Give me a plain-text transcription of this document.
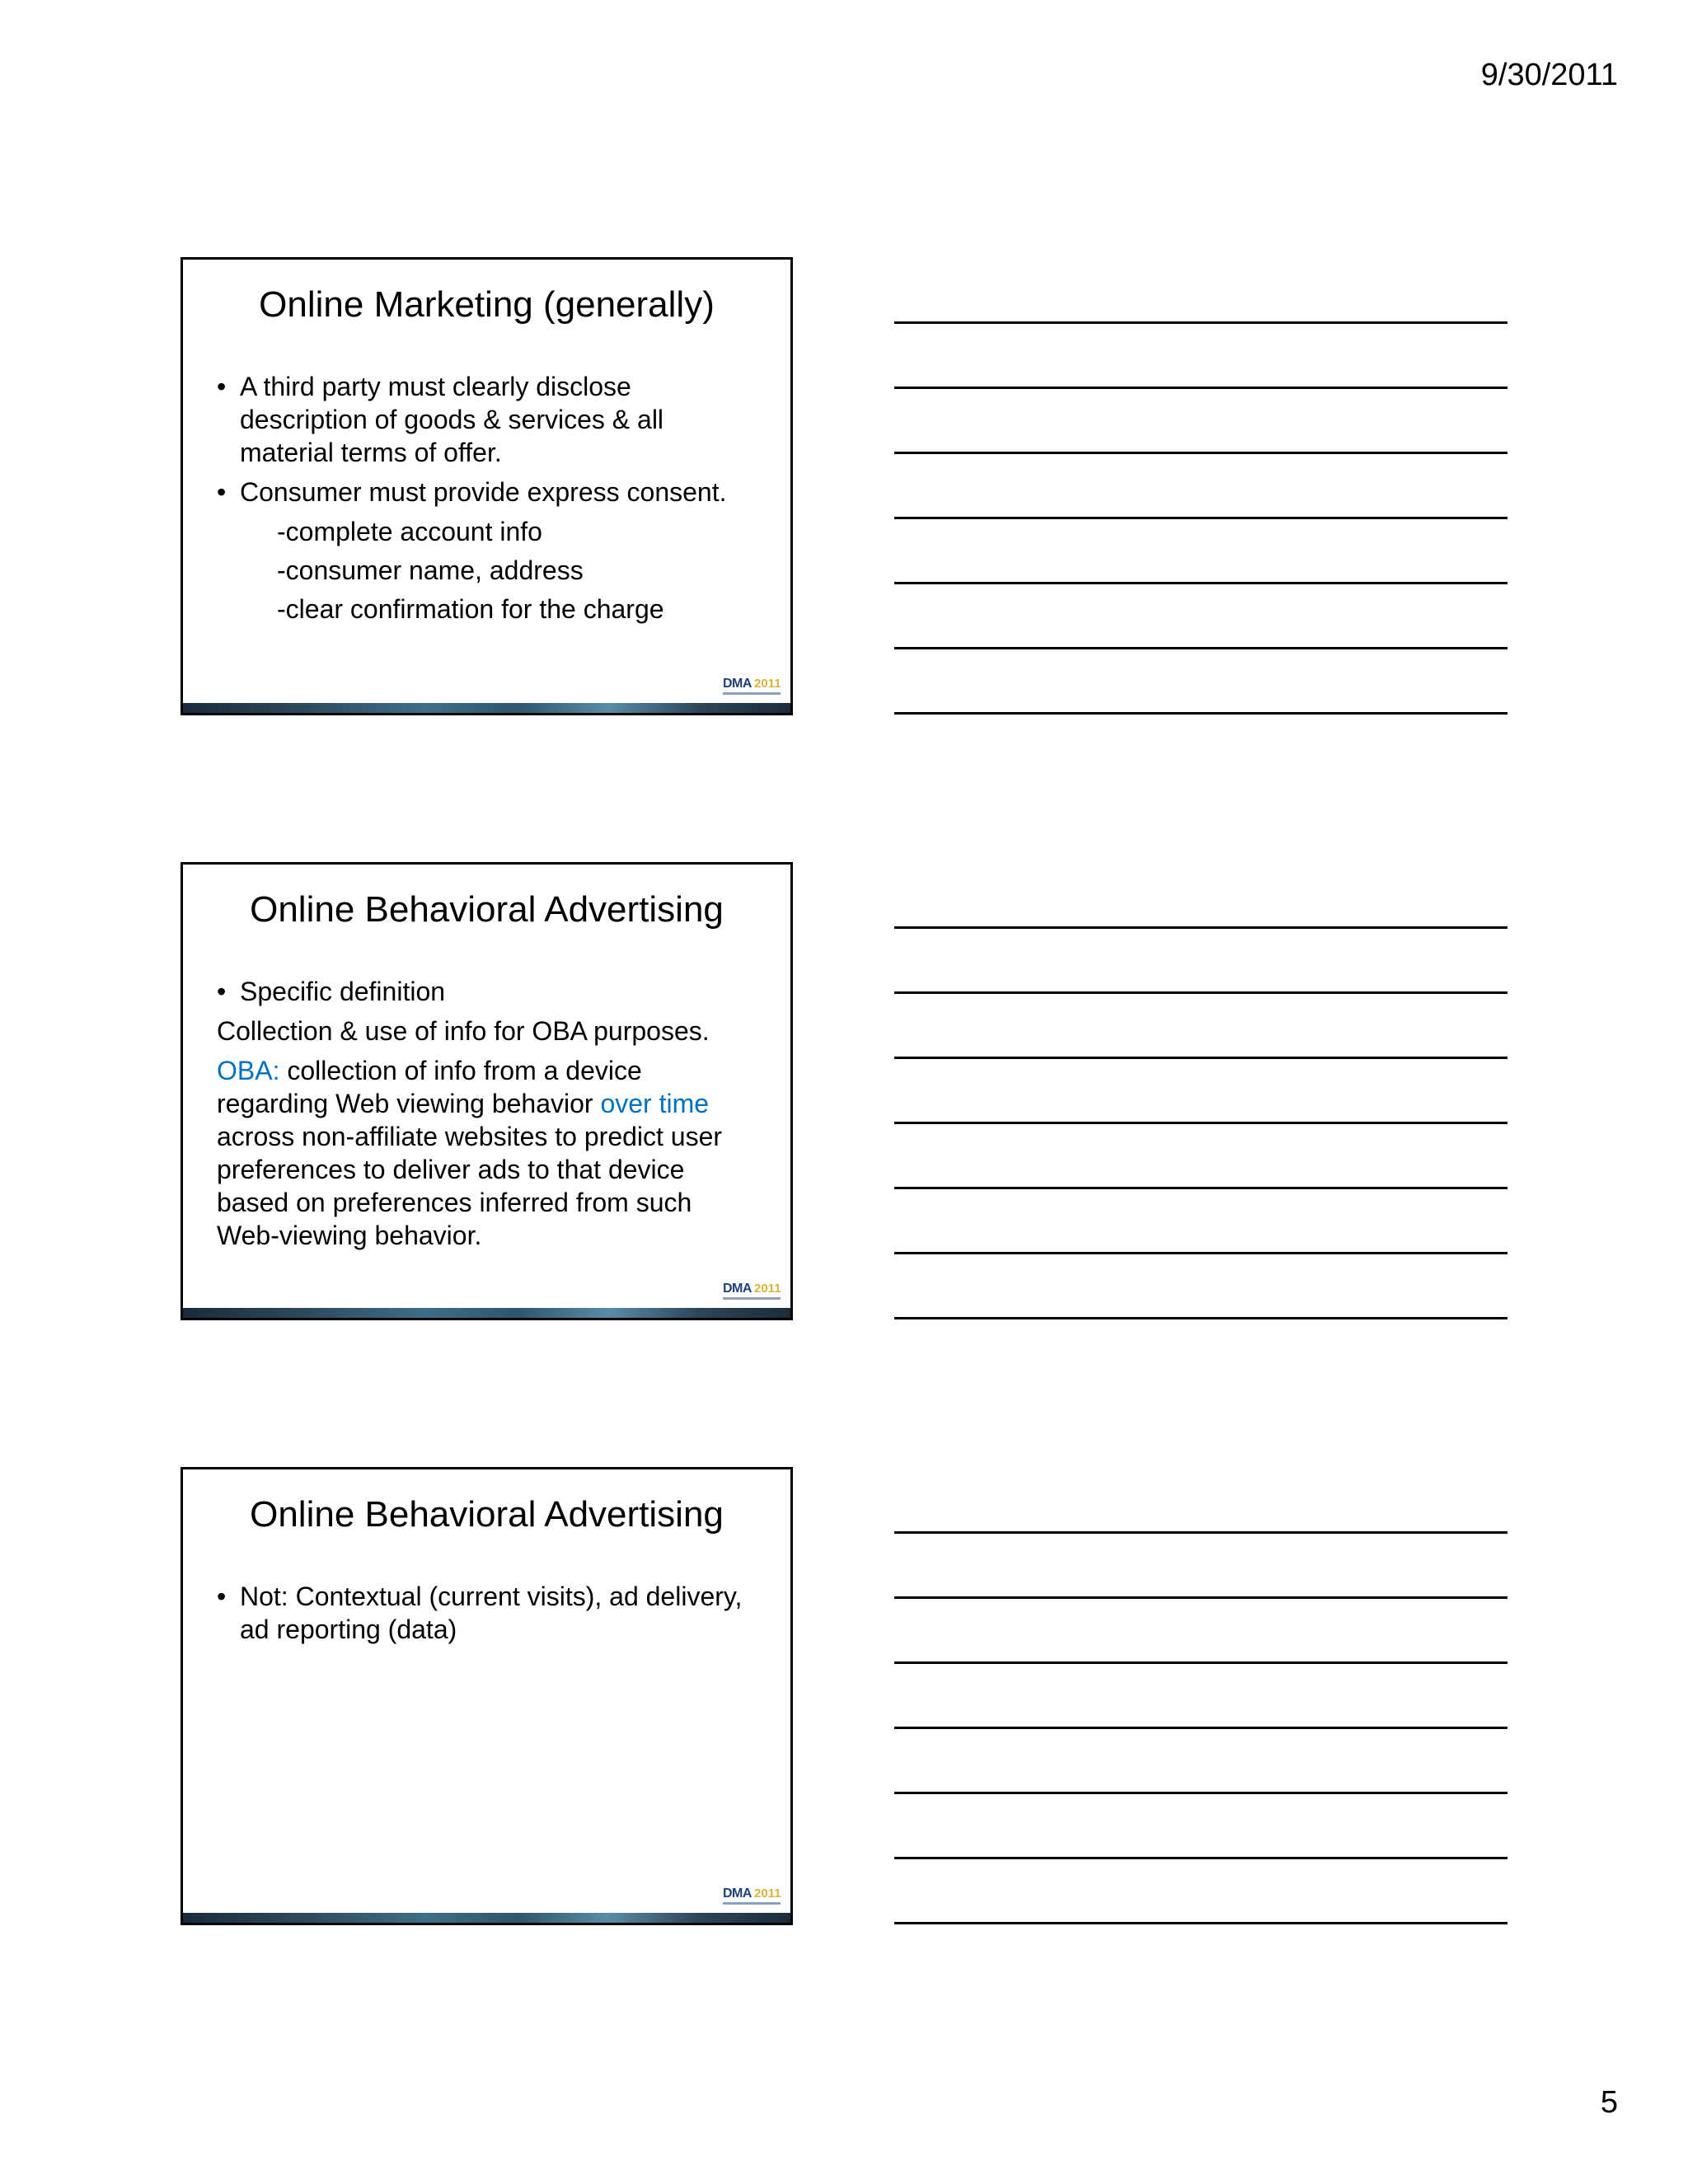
9/30/2011
Online Marketing (generally)
• A third party must clearly disclose description of goods & services & all material terms of offer.
• Consumer must provide express consent.
-complete account info
-consumer name, address
-clear confirmation for the charge
DMA 2011
Online Behavioral Advertising
• Specific definition
Collection & use of info for OBA purposes.
OBA: collection of info from a device regarding Web viewing behavior over time across non-affiliate websites to predict user preferences to deliver ads to that device based on preferences inferred from such Web-viewing behavior.
DMA 2011
Online Behavioral Advertising
• Not: Contextual (current visits), ad delivery, ad reporting (data)
DMA 2011
5
